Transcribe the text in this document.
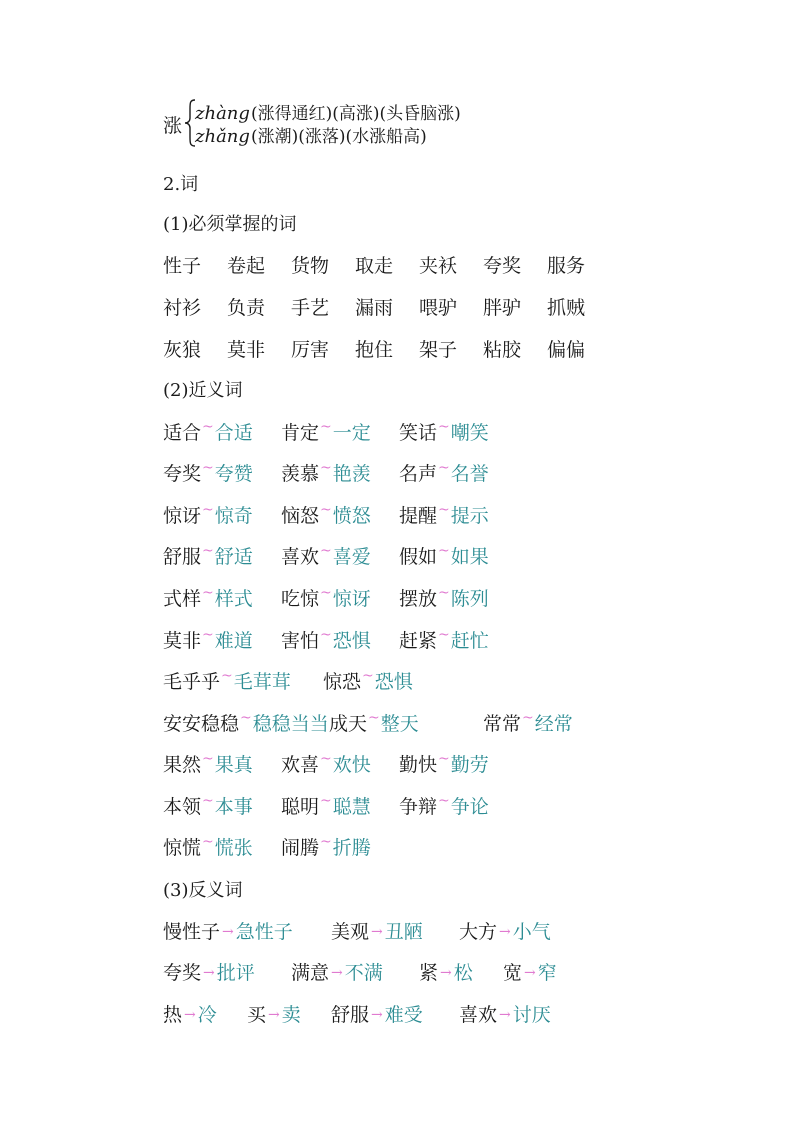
涨
zhàng(涨得通红)(高涨)(头昏脑涨)
zhǎng(涨潮)(涨落)(水涨船高)
2.词
(1)必须掌握的词
性子 卷起 货物 取走 夹袄 夸奖 服务
衬衫 负责 手艺 漏雨 喂驴 胖驴 抓贼
灰狼 莫非 厉害 抱住 架子 粘胶 偏偏
(2)近义词
适合~合适 肯定~一定 笑话~嘲笑
夸奖~夸赞 羡慕~艳羡 名声~名誉
惊讶~惊奇 恼怒~愤怒 提醒~提示
舒服~舒适 喜欢~喜爱 假如~如果
式样~样式 吃惊~惊讶 摆放~陈列
莫非~难道 害怕~恐惧 赶紧~赶忙
毛乎乎~毛茸茸 惊恐~恐惧
安安稳稳~稳稳当当 成天~整天	常常~经常
果然~果真 欢喜~欢快 勤快~勤劳
本领~本事 聪明~聪慧 争辩~争论
惊慌~慌张 闹腾~折腾
(3)反义词
慢性子 → 急性子 美观 → 丑陋 大方 → 小气
夸奖 → 批评 满意 → 不满 紧 → 松 宽 → 窄
热 → 冷 买 → 卖 舒服 → 难受 喜欢 → 讨厌
